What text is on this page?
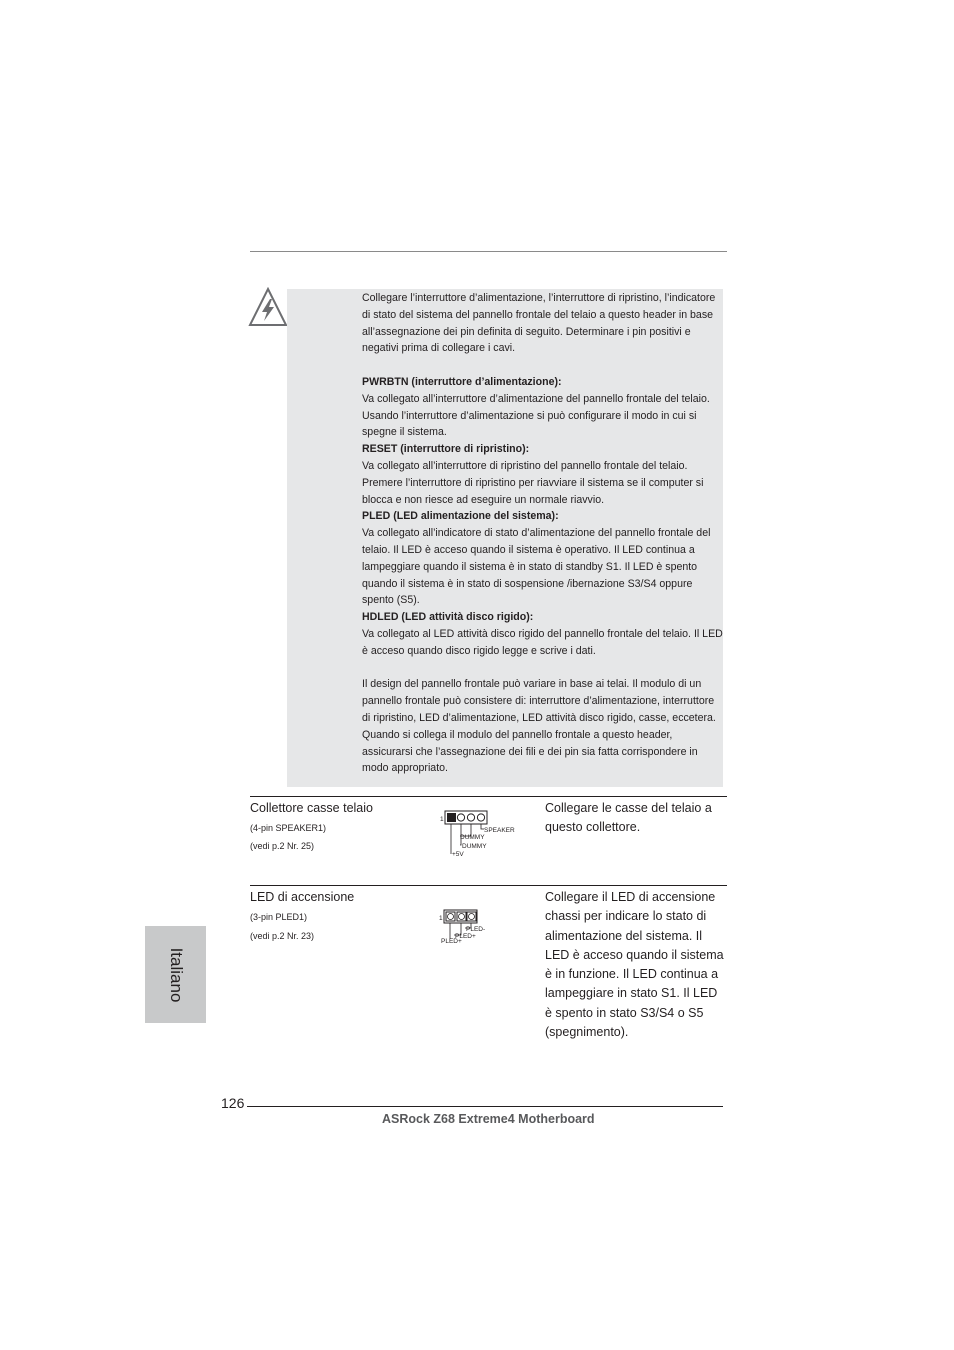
Collegare l’interruttore d’alimentazione, l’interruttore di ripristino, l’indicatore di stato del sistema del pannello frontale del telaio a questo header in base all’assegnazione dei pin definita di seguito. Determinare i pin positivi e negativi prima di collegare i cavi.

PWRBTN (interruttore d’alimentazione):

Va collegato all’interruttore d’alimentazione del pannello frontale del telaio. Usando l’interruttore d’alimentazione si può configurare il modo in cui si spegne il sistema.

RESET (interruttore di ripristino):

Va collegato all’interruttore di ripristino del pannello frontale del telaio. Premere l’interruttore di ripristino per riavviare il sistema se il computer si blocca e non riesce ad eseguire un normale riavvio.

PLED (LED alimentazione del sistema):

Va collegato all’indicatore di stato d’alimentazione del pannello frontale del telaio. Il LED è acceso quando il sistema è operativo. Il LED continua a lampeggiare quando il sistema è in stato di standby S1. Il LED è spento quando il sistema è in stato di sospensione /ibernazione S3/S4 oppure spento (S5).

HDLED (LED attività disco rigido):

Va collegato al LED attività disco rigido del pannello frontale del telaio. Il LED è acceso quando disco rigido legge e scrive i dati.

Il design del pannello frontale può variare in base ai telai. Il modulo di un pannello frontale può consistere di: interruttore d’alimentazione, interruttore di ripristino, LED d’alimentazione, LED attività disco rigido, casse, eccetera. Quando si collega il modulo del pannello frontale a questo header, assicurarsi che l’assegnazione dei fili e dei pin sia fatta corrispondere in modo appropriato.

Collettore casse telaio
(4-pin SPEAKER1)
(vedi p.2 Nr. 25)
1
SPEAKER
DUMMY
DUMMY
+5V
Collegare le casse del telaio a questo collettore.
LED di accensione
(3-pin PLED1)
(vedi p.2 Nr. 23)
1
PLED-
PLED+
PLED+
Collegare il LED di accensione chassi per indicare lo stato di alimentazione del sistema. Il LED è acceso quando il sistema è in funzione. Il LED continua a lampeggiare in stato S1. Il LED è spento in stato S3/S4 o S5 (spegnimento).
Italiano
126
ASRock Z68 Extreme4 Motherboard
